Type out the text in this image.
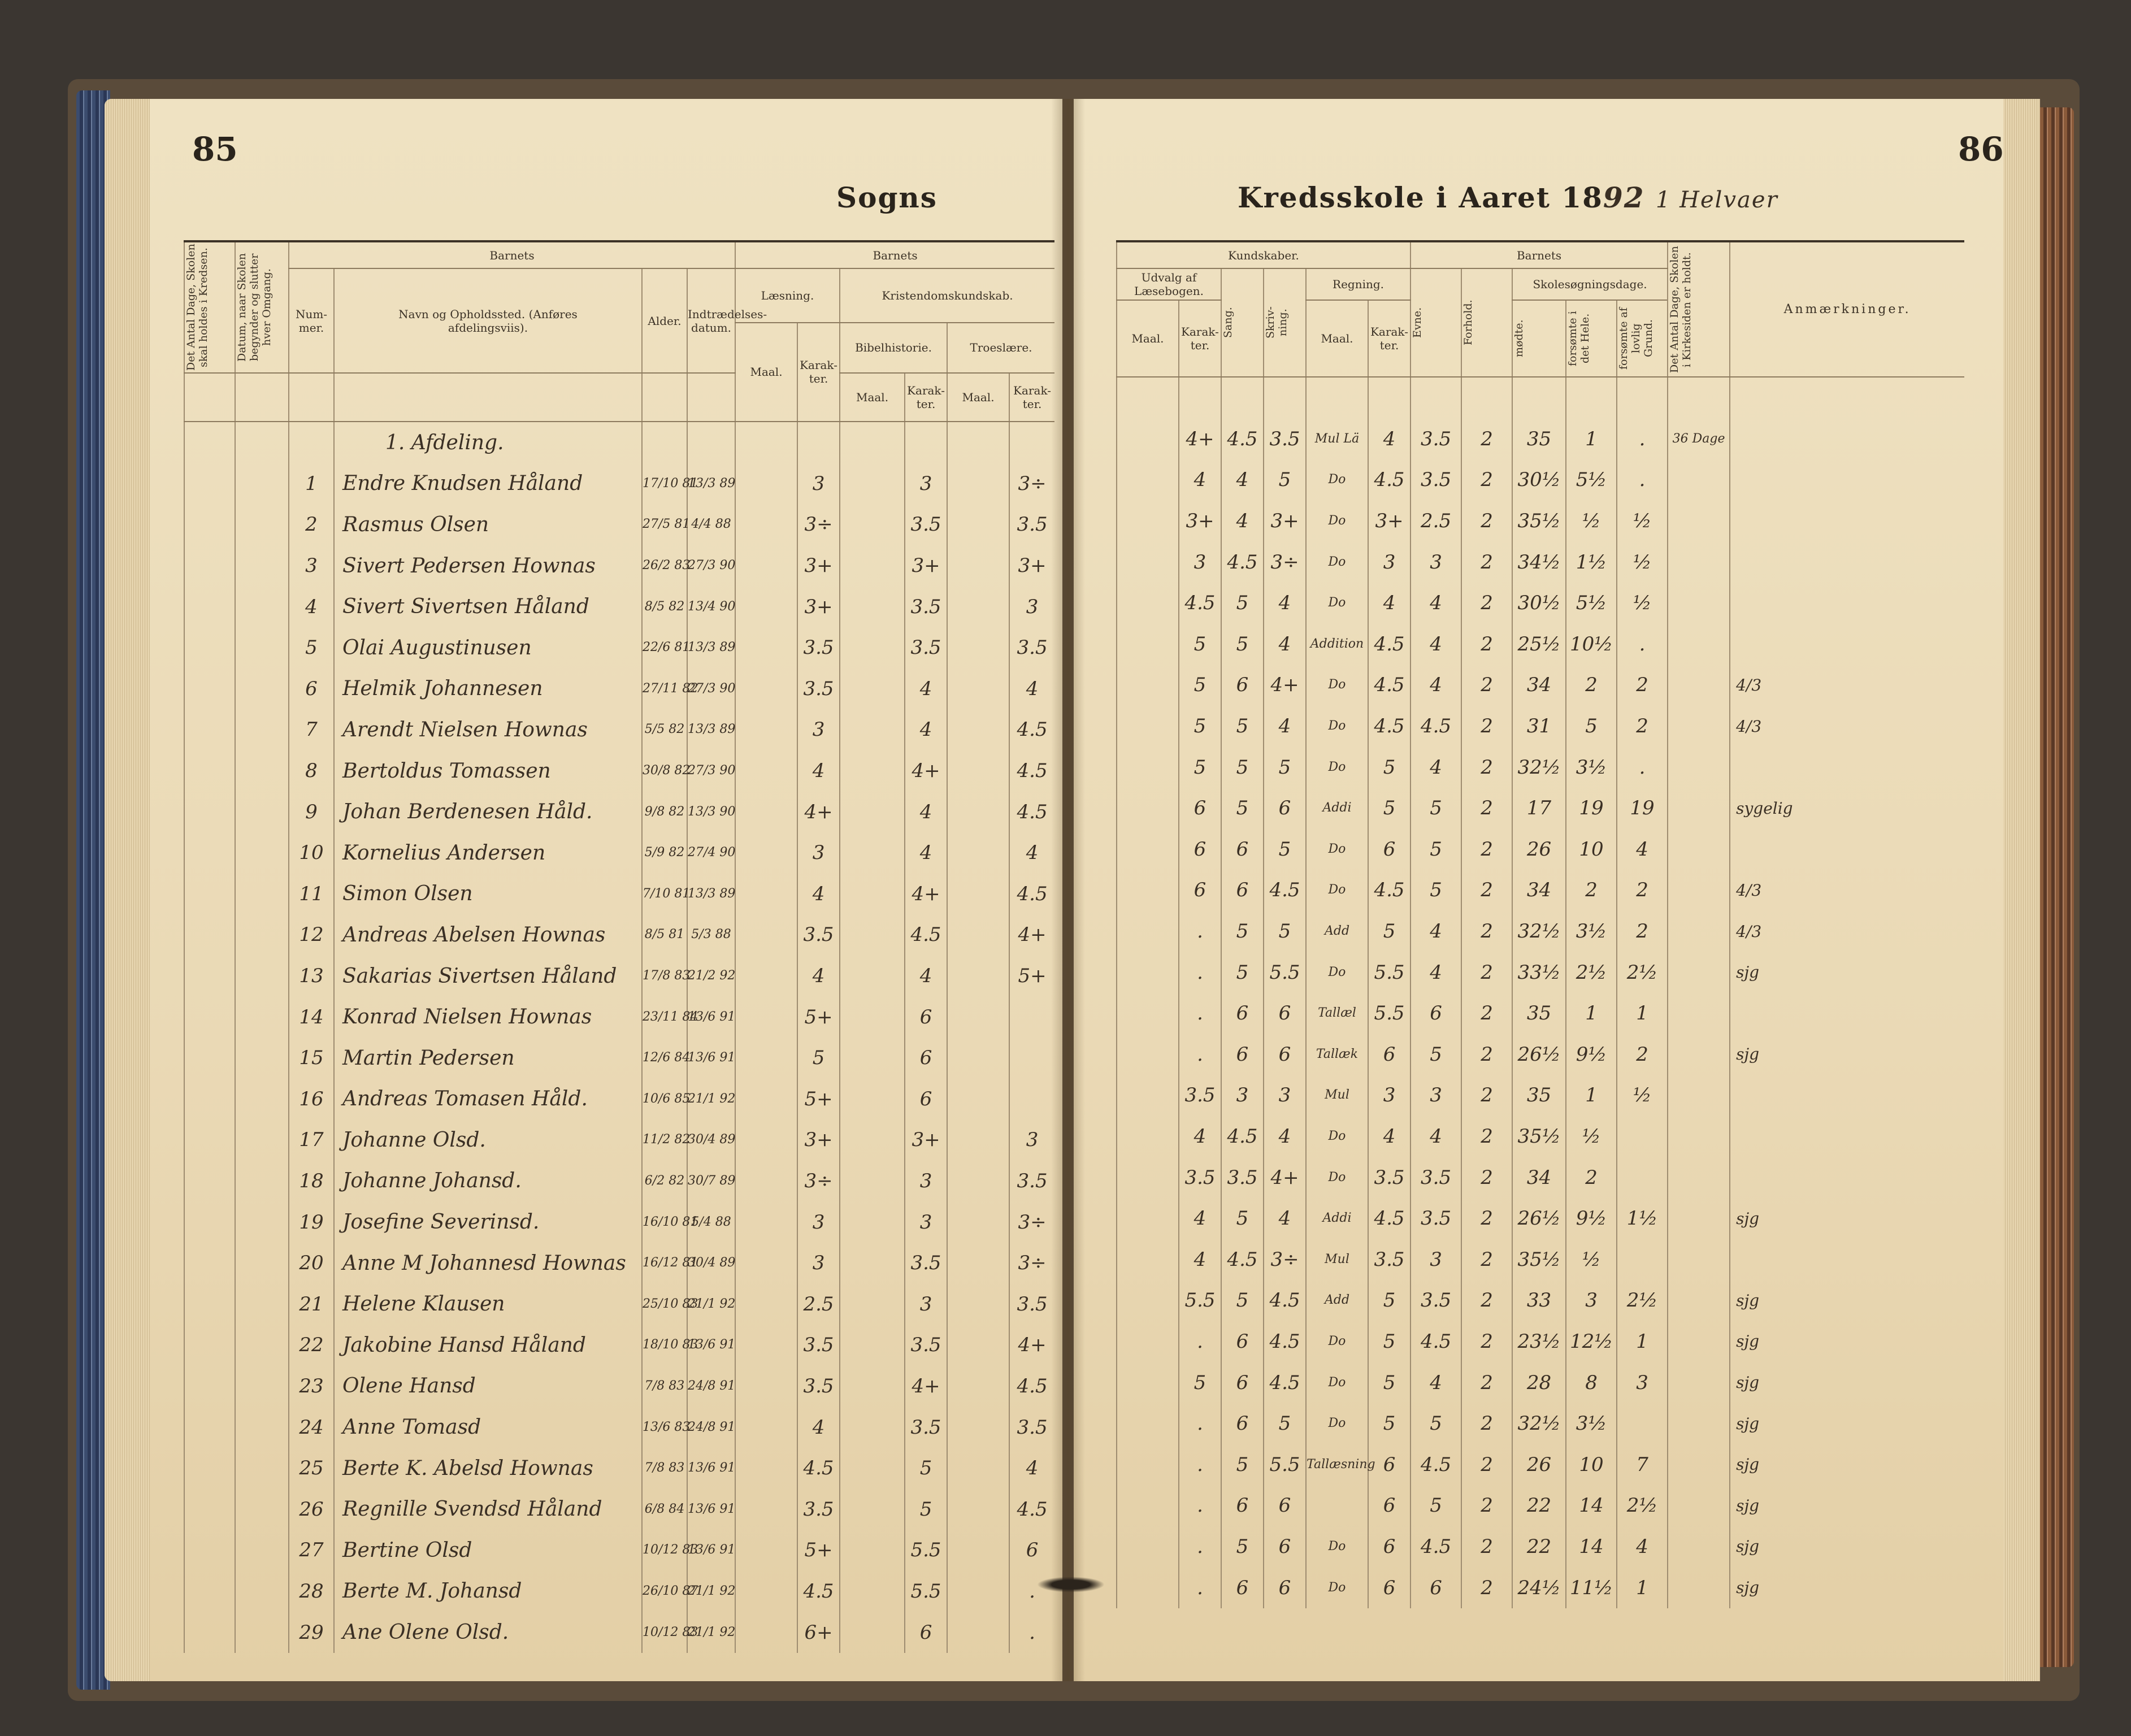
85
Sogns
Det Antal Dage, Skolen skal holdes i Kredsen.	Datum, naar Skolen begynder og slutter hver Omgang.	Barnets				Barnets					
		Num-mer.	Navn og Opholdssted. (Anføres afdelingsviis).	Alder.	Indtrædelses-datum.	Læsning.		Kristendomskundskab.			
						Maal.	Karak-ter.	Bibelhistorie.		Troeslære.	
								Maal.	Karak-ter.	Maal.	Karak-ter.
			1. Afdeling.								
		1	Endre Knudsen Håland	17/10 81	13/3 89		3		3		3÷
		2	Rasmus Olsen	27/5 81	4/4 88		3÷		3.5		3.5
		3	Sivert Pedersen Hownas	26/2 83	27/3 90		3+		3+		3+
		4	Sivert Sivertsen Håland	8/5 82	13/4 90		3+		3.5		3
		5	Olai Augustinusen	22/6 81	13/3 89		3.5		3.5		3.5
		6	Helmik Johannesen	27/11 82	27/3 90		3.5		4		4
		7	Arendt Nielsen Hownas	5/5 82	13/3 89		3		4		4.5
		8	Bertoldus Tomassen	30/8 82	27/3 90		4		4+		4.5
		9	Johan Berdenesen Håld.	9/8 82	13/3 90		4+		4		4.5
		10	Kornelius Andersen	5/9 82	27/4 90		3		4		4
		11	Simon Olsen	7/10 81	13/3 89		4		4+		4.5
		12	Andreas Abelsen Hownas	8/5 81	5/3 88		3.5		4.5		4+
		13	Sakarias Sivertsen Håland	17/8 83	21/2 92		4		4		5+
		14	Konrad Nielsen Hownas	23/11 84	13/6 91		5+		6		
		15	Martin Pedersen	12/6 84	13/6 91		5		6		
		16	Andreas Tomasen Håld.	10/6 85	21/1 92		5+		6		
		17	Johanne Olsd.	11/2 82	30/4 89		3+		3+		3
		18	Johanne Johansd.	6/2 82	30/7 89		3÷		3		3.5
		19	Josefine Severinsd.	16/10 81	5/4 88		3		3		3÷
		20	Anne M Johannesd Hownas	16/12 81	30/4 89		3		3.5		3÷
		21	Helene Klausen	25/10 83	21/1 92		2.5		3		3.5
		22	Jakobine Hansd Håland	18/10 83	13/6 91		3.5		3.5		4+
		23	Olene Hansd	7/8 83	24/8 91		3.5		4+		4.5
		24	Anne Tomasd	13/6 83	24/8 91		4		3.5		3.5
		25	Berte K. Abelsd Hownas	7/8 83	13/6 91		4.5		5		4
		26	Regnille Svendsd Håland	6/8 84	13/6 91		3.5		5		4.5
		27	Bertine Olsd	10/12 83	13/6 91		5+		5.5		6
		28	Berte M. Johansd	26/10 87	21/1 92		4.5		5.5		.
		29	Ane Olene Olsd.	10/12 83	21/1 92		6+		6		.
86
Kredsskole i Aaret 1892 1 Helvaer
Kundskaber.						Barnets					Det Antal Dage, Skolen i Kirkesiden er holdt.	Anmærkninger.
Udvalg af Læsebogen.		Sang.	Skriv-ning.	Regning.		Evne.	Forhold.	Skolesøgningsdage.				
Maal.	Karak-ter.			Maal.	Karak-ter.			mødte.	forsømte i det Hele.	forsømte af lovlig Grund.		

	4+	4.5	3.5	Mul Lä	4	3.5	2	35	1	.	36 Dage	
	4	4	5	Do	4.5	3.5	2	30½	5½	.		
	3+	4	3+	Do	3+	2.5	2	35½	½	½		
	3	4.5	3÷	Do	3	3	2	34½	1½	½		
	4.5	5	4	Do	4	4	2	30½	5½	½		
	5	5	4	Addition	4.5	4	2	25½	10½	.		
	5	6	4+	Do	4.5	4	2	34	2	2		4/3
	5	5	4	Do	4.5	4.5	2	31	5	2		4/3
	5	5	5	Do	5	4	2	32½	3½	.		
	6	5	6	Addi	5	5	2	17	19	19		sygelig
	6	6	5	Do	6	5	2	26	10	4		
	6	6	4.5	Do	4.5	5	2	34	2	2		4/3
	.	5	5	Add	5	4	2	32½	3½	2		4/3
	.	5	5.5	Do	5.5	4	2	33½	2½	2½		sjg
	.	6	6	Tallæl	5.5	6	2	35	1	1		
	.	6	6	Tallæk	6	5	2	26½	9½	2		sjg
	3.5	3	3	Mul	3	3	2	35	1	½		
	4	4.5	4	Do	4	4	2	35½	½			
	3.5	3.5	4+	Do	3.5	3.5	2	34	2			
	4	5	4	Addi	4.5	3.5	2	26½	9½	1½		sjg
	4	4.5	3÷	Mul	3.5	3	2	35½	½			
	5.5	5	4.5	Add	5	3.5	2	33	3	2½		sjg
	.	6	4.5	Do	5	4.5	2	23½	12½	1		sjg
	5	6	4.5	Do	5	4	2	28	8	3		sjg
	.	6	5	Do	5	5	2	32½	3½			sjg
	.	5	5.5	Tallæsning	6	4.5	2	26	10	7		sjg
	.	6	6		6	5	2	22	14	2½		sjg
	.	5	6	Do	6	4.5	2	22	14	4		sjg
	.	6	6	Do	6	6	2	24½	11½	1		sjg
